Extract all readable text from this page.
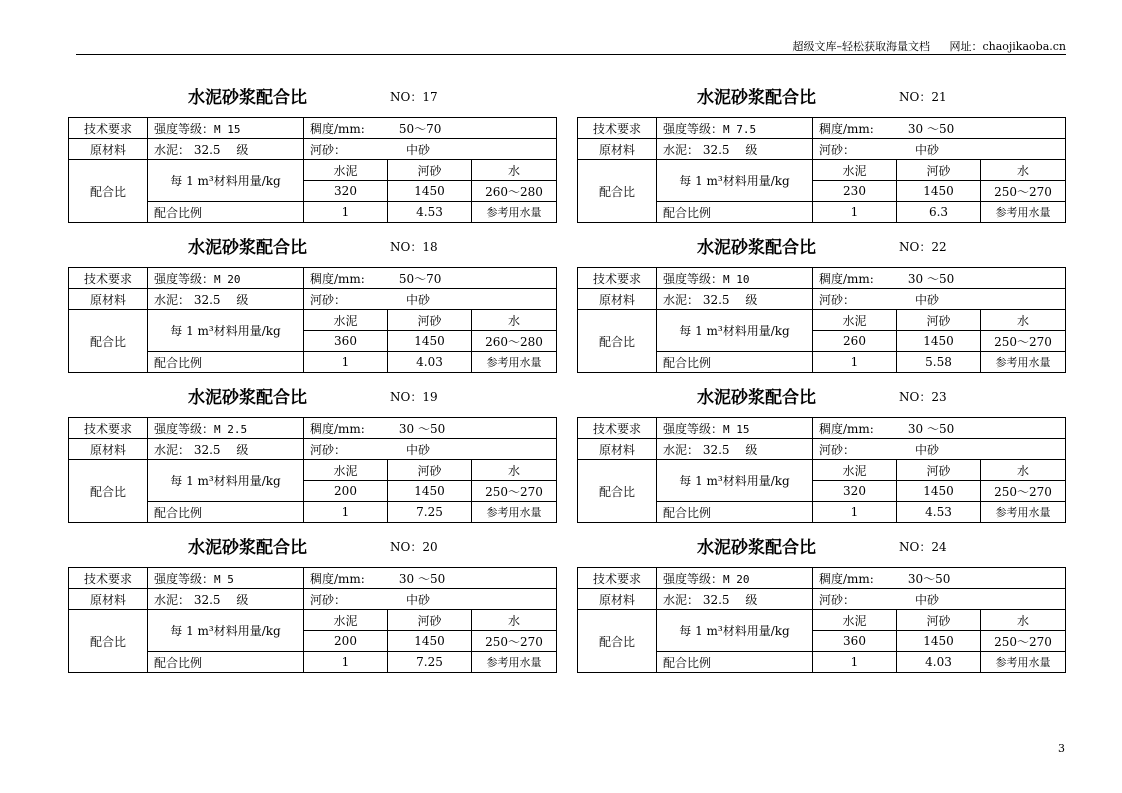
超级文库–轻松获取海量文档 网址：chaojikaoba.cn
水泥砂浆配合比	NO：17
技术要求	强度等级：M 15	稠度/mm: 50～70		
原材料	水泥： 32.5　 级	河砂： 中砂		
配合比	每 1 m³材料用量/kg	水泥	河砂	水
		320	1450	260～280
	配合比例	1	4.53	参考用水量
水泥砂浆配合比	NO：18
技术要求	强度等级：M 20	稠度/mm: 50～70		
原材料	水泥： 32.5　 级	河砂： 中砂		
配合比	每 1 m³材料用量/kg	水泥	河砂	水
		360	1450	260～280
	配合比例	1	4.03	参考用水量
水泥砂浆配合比	NO：19
技术要求	强度等级：M 2.5	稠度/mm: 30 ～50		
原材料	水泥： 32.5　 级	河砂： 中砂		
配合比	每 1 m³材料用量/kg	水泥	河砂	水
		200	1450	250～270
	配合比例	1	7.25	参考用水量
水泥砂浆配合比	NO：20
技术要求	强度等级：M 5	稠度/mm: 30 ～50		
原材料	水泥： 32.5　 级	河砂： 中砂		
配合比	每 1 m³材料用量/kg	水泥	河砂	水
		200	1450	250～270
	配合比例	1	7.25	参考用水量
水泥砂浆配合比	NO：21
技术要求	强度等级：M 7.5	稠度/mm: 30 ～50		
原材料	水泥： 32.5　 级	河砂： 中砂		
配合比	每 1 m³材料用量/kg	水泥	河砂	水
		230	1450	250～270
	配合比例	1	6.3	参考用水量
水泥砂浆配合比	NO：22
技术要求	强度等级：M 10	稠度/mm: 30 ～50		
原材料	水泥： 32.5　 级	河砂： 中砂		
配合比	每 1 m³材料用量/kg	水泥	河砂	水
		260	1450	250～270
	配合比例	1	5.58	参考用水量
水泥砂浆配合比	NO：23
技术要求	强度等级：M 15	稠度/mm: 30 ～50		
原材料	水泥： 32.5　 级	河砂： 中砂		
配合比	每 1 m³材料用量/kg	水泥	河砂	水
		320	1450	250～270
	配合比例	1	4.53	参考用水量
水泥砂浆配合比	NO：24
技术要求	强度等级：M 20	稠度/mm: 30～50		
原材料	水泥： 32.5　 级	河砂： 中砂		
配合比	每 1 m³材料用量/kg	水泥	河砂	水
		360	1450	250～270
	配合比例	1	4.03	参考用水量
3
